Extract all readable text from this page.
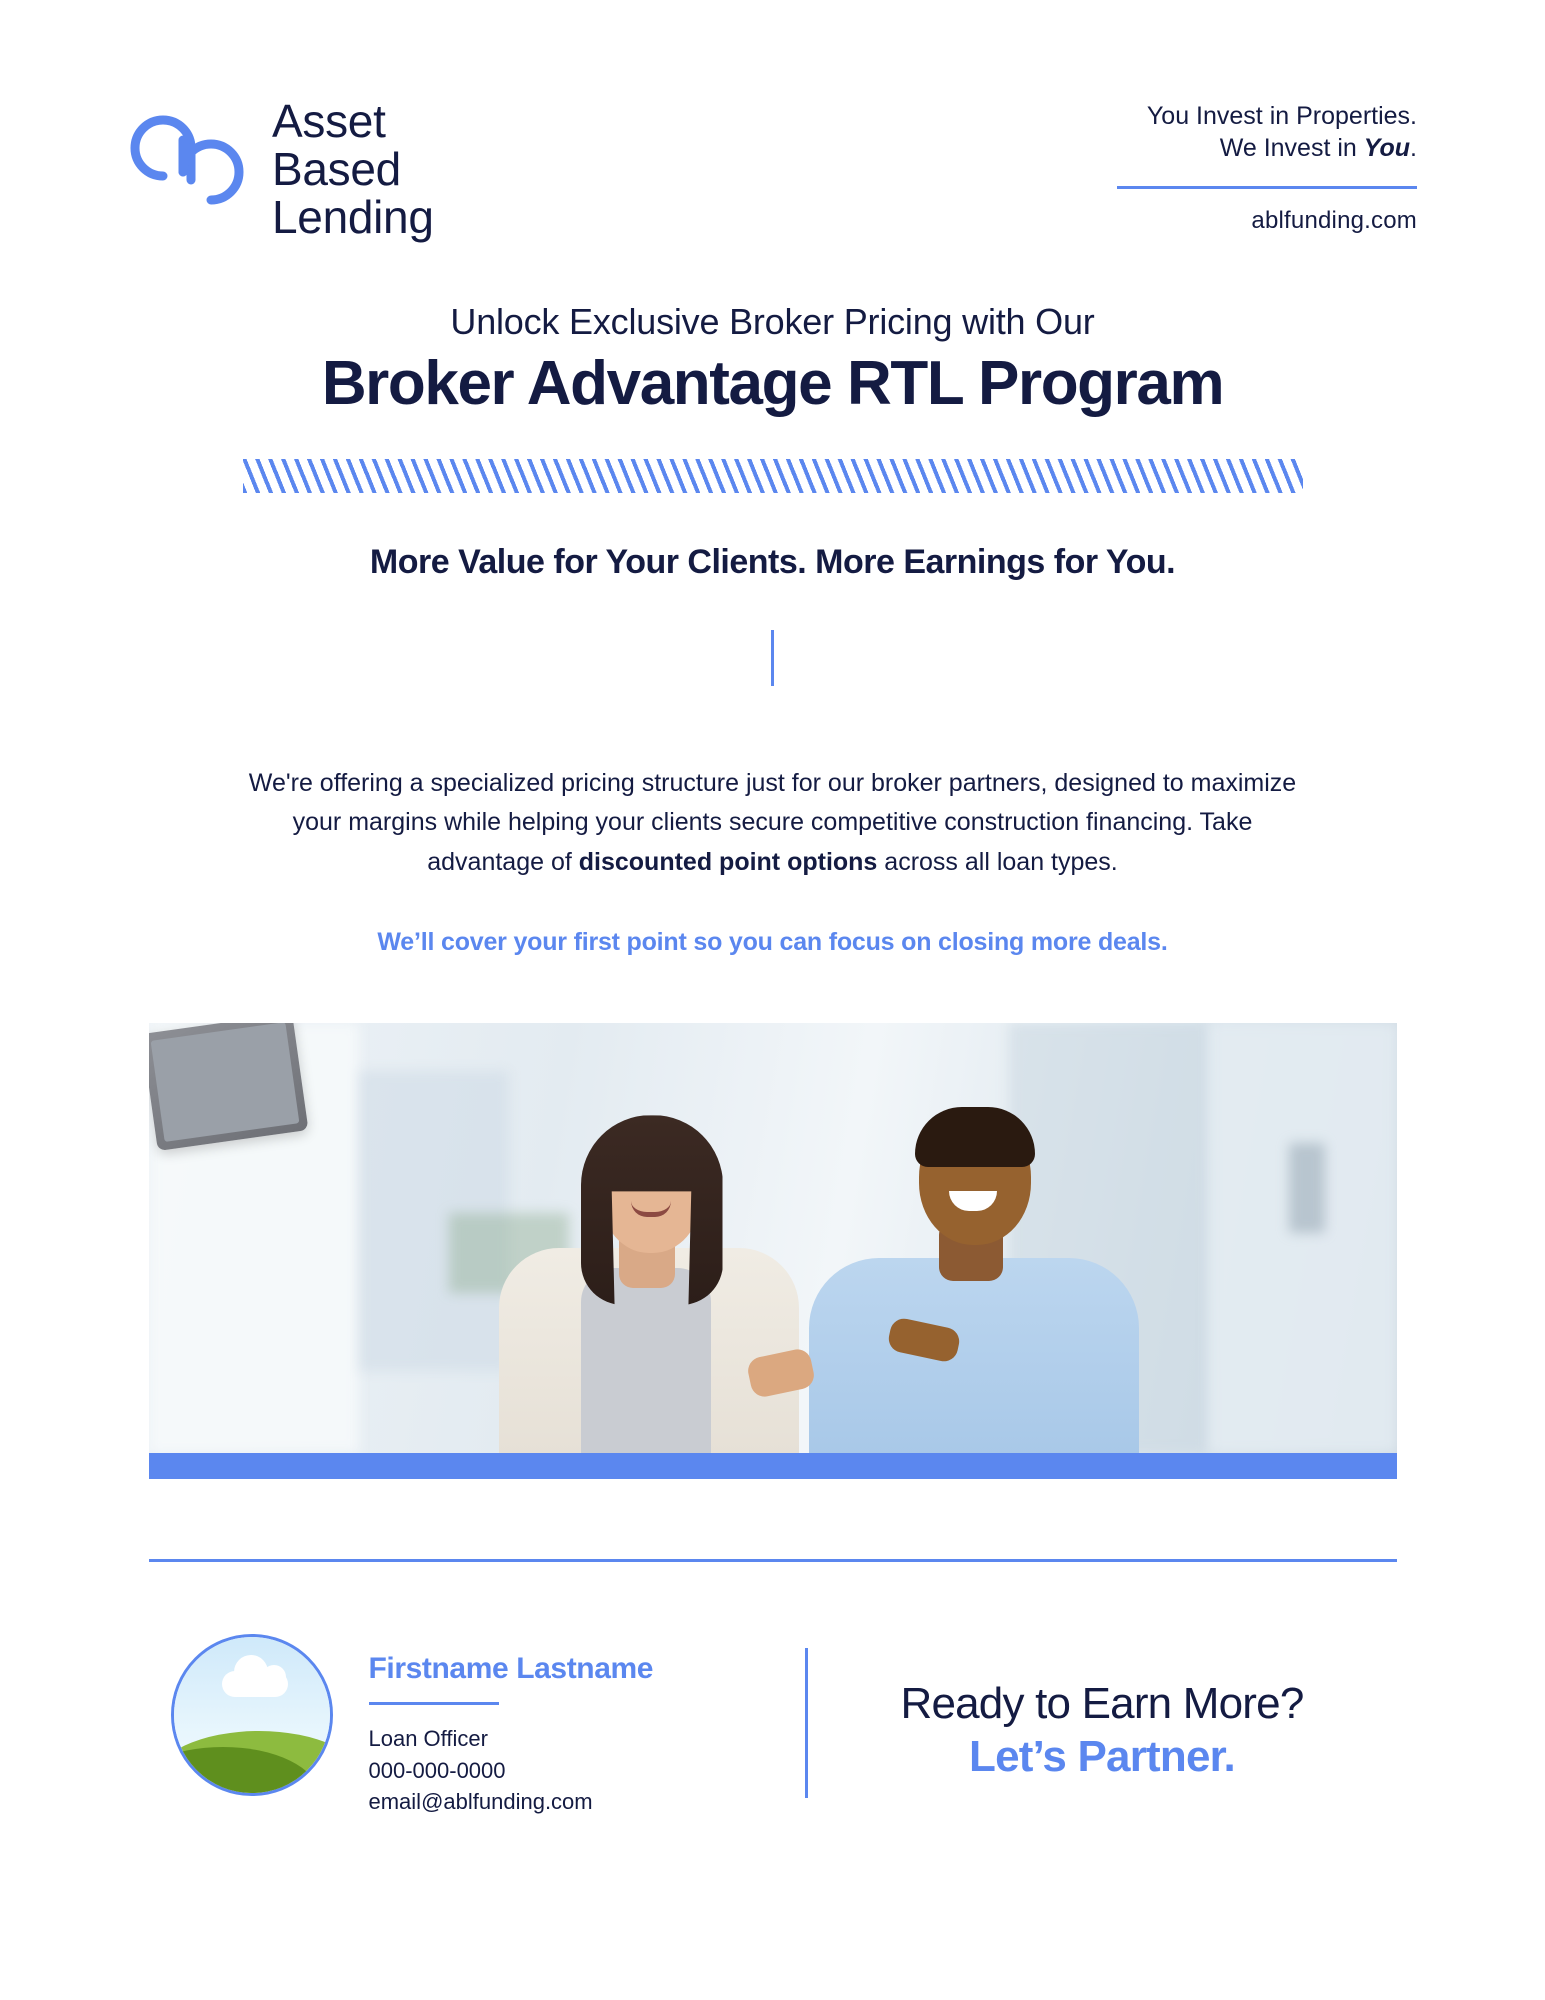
Asset
Based
Lending
You Invest in Properties.
We Invest in You.
ablfunding.com
Unlock Exclusive Broker Pricing with Our
Broker Advantage RTL Program
More Value for Your Clients. More Earnings for You.
We're offering a specialized pricing structure just for our broker partners, designed to maximize your margins while helping your clients secure competitive construction financing. Take advantage of discounted point options across all loan types.
We’ll cover your first point so you can focus on closing more deals.
Firstname Lastname
Loan Officer
000-000-0000
email@ablfunding.com
Ready to Earn More?
Let’s Partner.
